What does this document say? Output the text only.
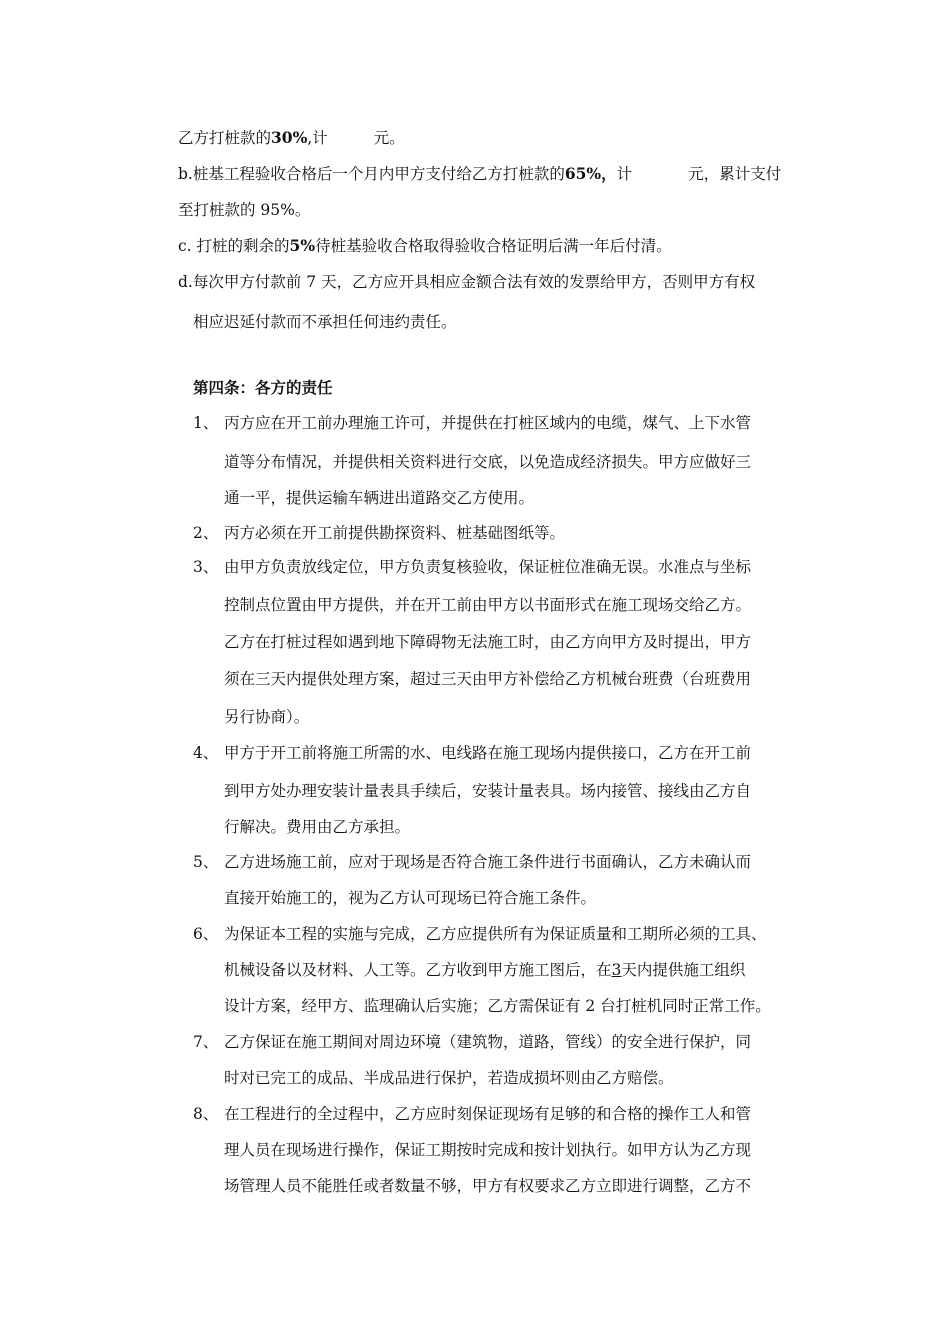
乙方打桩款的30%,计	元。
b.桩基工程验收合格后一个月内甲方支付给乙方打桩款的65%，计	元，累计支付
至打桩款的 95%。
c. 打桩的剩余的5%待桩基验收合格取得验收合格证明后满一年后付清。
d.每次甲方付款前 7 天，乙方应开具相应金额合法有效的发票给甲方，否则甲方有权
相应迟延付款而不承担任何违约责任。
第四条：各方的责任
1、 丙方应在开工前办理施工许可，并提供在打桩区域内的电缆，煤气、上下水管
道等分布情况，并提供相关资料进行交底，以免造成经济损失。甲方应做好三
通一平，提供运输车辆进出道路交乙方使用。
2、 丙方必须在开工前提供勘探资料、桩基础图纸等。
3、 由甲方负责放线定位，甲方负责复核验收，保证桩位准确无误。水准点与坐标
控制点位置由甲方提供，并在开工前由甲方以书面形式在施工现场交给乙方。
乙方在打桩过程如遇到地下障碍物无法施工时，由乙方向甲方及时提出，甲方
须在三天内提供处理方案，超过三天由甲方补偿给乙方机械台班费（台班费用
另行协商）。
4、 甲方于开工前将施工所需的水、电线路在施工现场内提供接口，乙方在开工前
到甲方处办理安装计量表具手续后，安装计量表具。场内接管、接线由乙方自
行解决。费用由乙方承担。
5、 乙方进场施工前，应对于现场是否符合施工条件进行书面确认，乙方未确认而
直接开始施工的，视为乙方认可现场已符合施工条件。
6、 为保证本工程的实施与完成，乙方应提供所有为保证质量和工期所必须的工具、
机械设备以及材料、人工等。乙方收到甲方施工图后，在3天内提供施工组织
设计方案，经甲方、监理确认后实施；乙方需保证有 2 台打桩机同时正常工作。
7、 乙方保证在施工期间对周边环境（建筑物，道路，管线）的安全进行保护，同
时对已完工的成品、半成品进行保护，若造成损坏则由乙方赔偿。
8、 在工程进行的全过程中，乙方应时刻保证现场有足够的和合格的操作工人和管
理人员在现场进行操作，保证工期按时完成和按计划执行。如甲方认为乙方现
场管理人员不能胜任或者数量不够，甲方有权要求乙方立即进行调整，乙方不
